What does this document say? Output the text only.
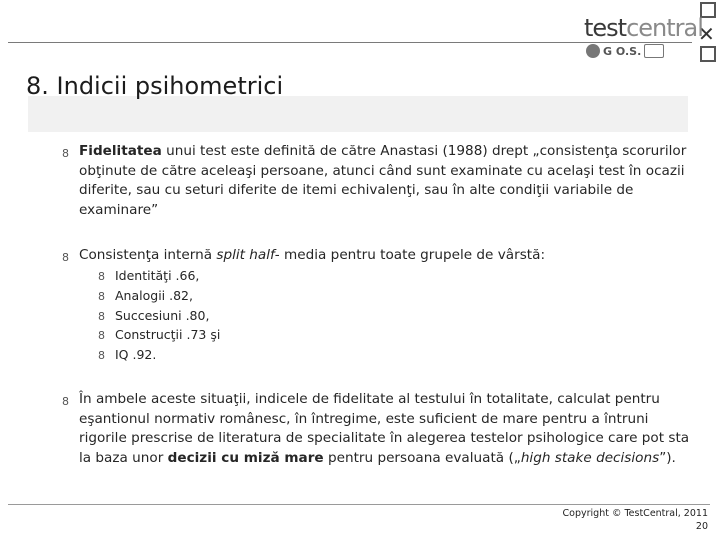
✕
testcentral
G O.S.
8. Indicii psihometrici
8 Fidelitatea unui test este definită de către Anastasi (1988) drept „consistenţa scorurilor obţinute de către aceleaşi persoane, atunci când sunt examinate cu acelaşi test în ocazii diferite, sau cu seturi diferite de itemi echivalenţi, sau în alte condiţii variabile de examinare”
8 Consistenţa internă split half- media pentru toate grupele de vârstă:
8 Identităţi .66,
8 Analogii .82,
8 Succesiuni .80,
8 Construcţii .73 şi
8 IQ .92.
8 În ambele aceste situaţii, indicele de fidelitate al testului în totalitate, calculat pentru eşantionul normativ românesc, în întregime, este suficient de mare pentru a întruni rigorile prescrise de literatura de specialitate în alegerea testelor psihologice care pot sta la baza unor decizii cu miză mare pentru persoana evaluată („high stake decisions”).
Copyright © TestCentral, 2011
20
